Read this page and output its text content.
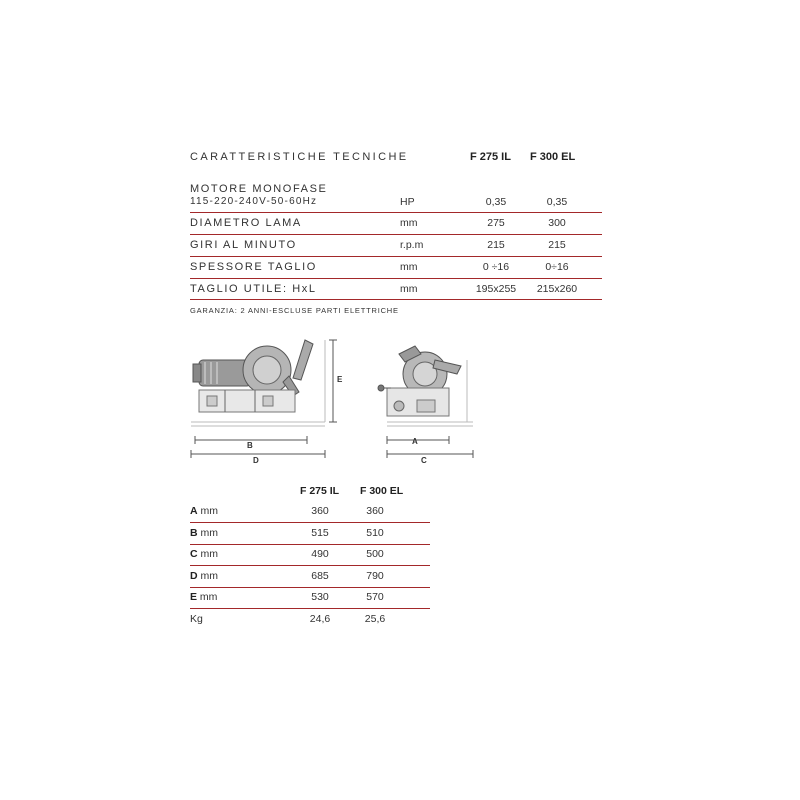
CARATTERISTICHE TECNICHE	F 275 IL F 300 EL
MOTORE MONOFASE
115-220-240V-50-60Hz	HP	0,35	0,35
DIAMETRO LAMA	mm	275	300
GIRI AL MINUTO	r.p.m	215	215
SPESSORE TAGLIO	mm	0 ÷16	0÷16
TAGLIO UTILE: HxL	mm	195x255	215x260
GARANZIA: 2 ANNI-ESCLUSE PARTI ELETTRICHE
E
B
D
A
C
F 275 IL F 300 EL
A mm	360	360
B mm	515	510
C mm	490	500
D mm	685	790
E mm	530	570
Kg	24,6	25,6
